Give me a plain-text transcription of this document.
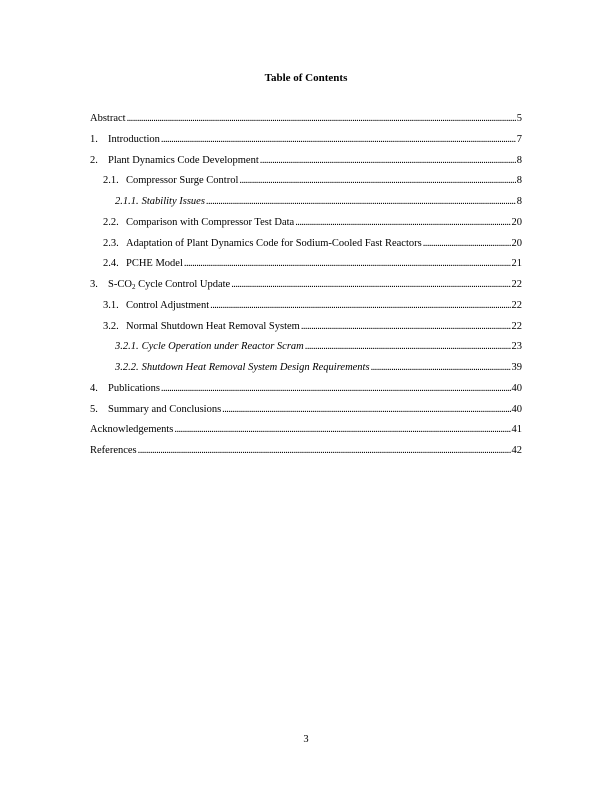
Table of Contents
Abstract . . .	5
1. Introduction . . .	7
2. Plant Dynamics Code Development . . .	8
2.1. Compressor Surge Control . . .	8
2.1.1. Stability Issues . . .	8
2.2. Comparison with Compressor Test Data . . .	20
2.3. Adaptation of Plant Dynamics Code for Sodium-Cooled Fast Reactors . . .	20
2.4. PCHE Model . . .	21
3. $S-CO_2$ Cycle Control Update . . .	22
3.1. Control Adjustment . . .	22
3.2. Normal Shutdown Heat Removal System . . .	22
3.2.1. Cycle Operation under Reactor Scram . . .	23
3.2.2. Shutdown Heat Removal System Design Requirements . . .	39
4. Publications . . .	40
5. Summary and Conclusions . . .	40
Acknowledgements . . .	41
References . . .	42
3
